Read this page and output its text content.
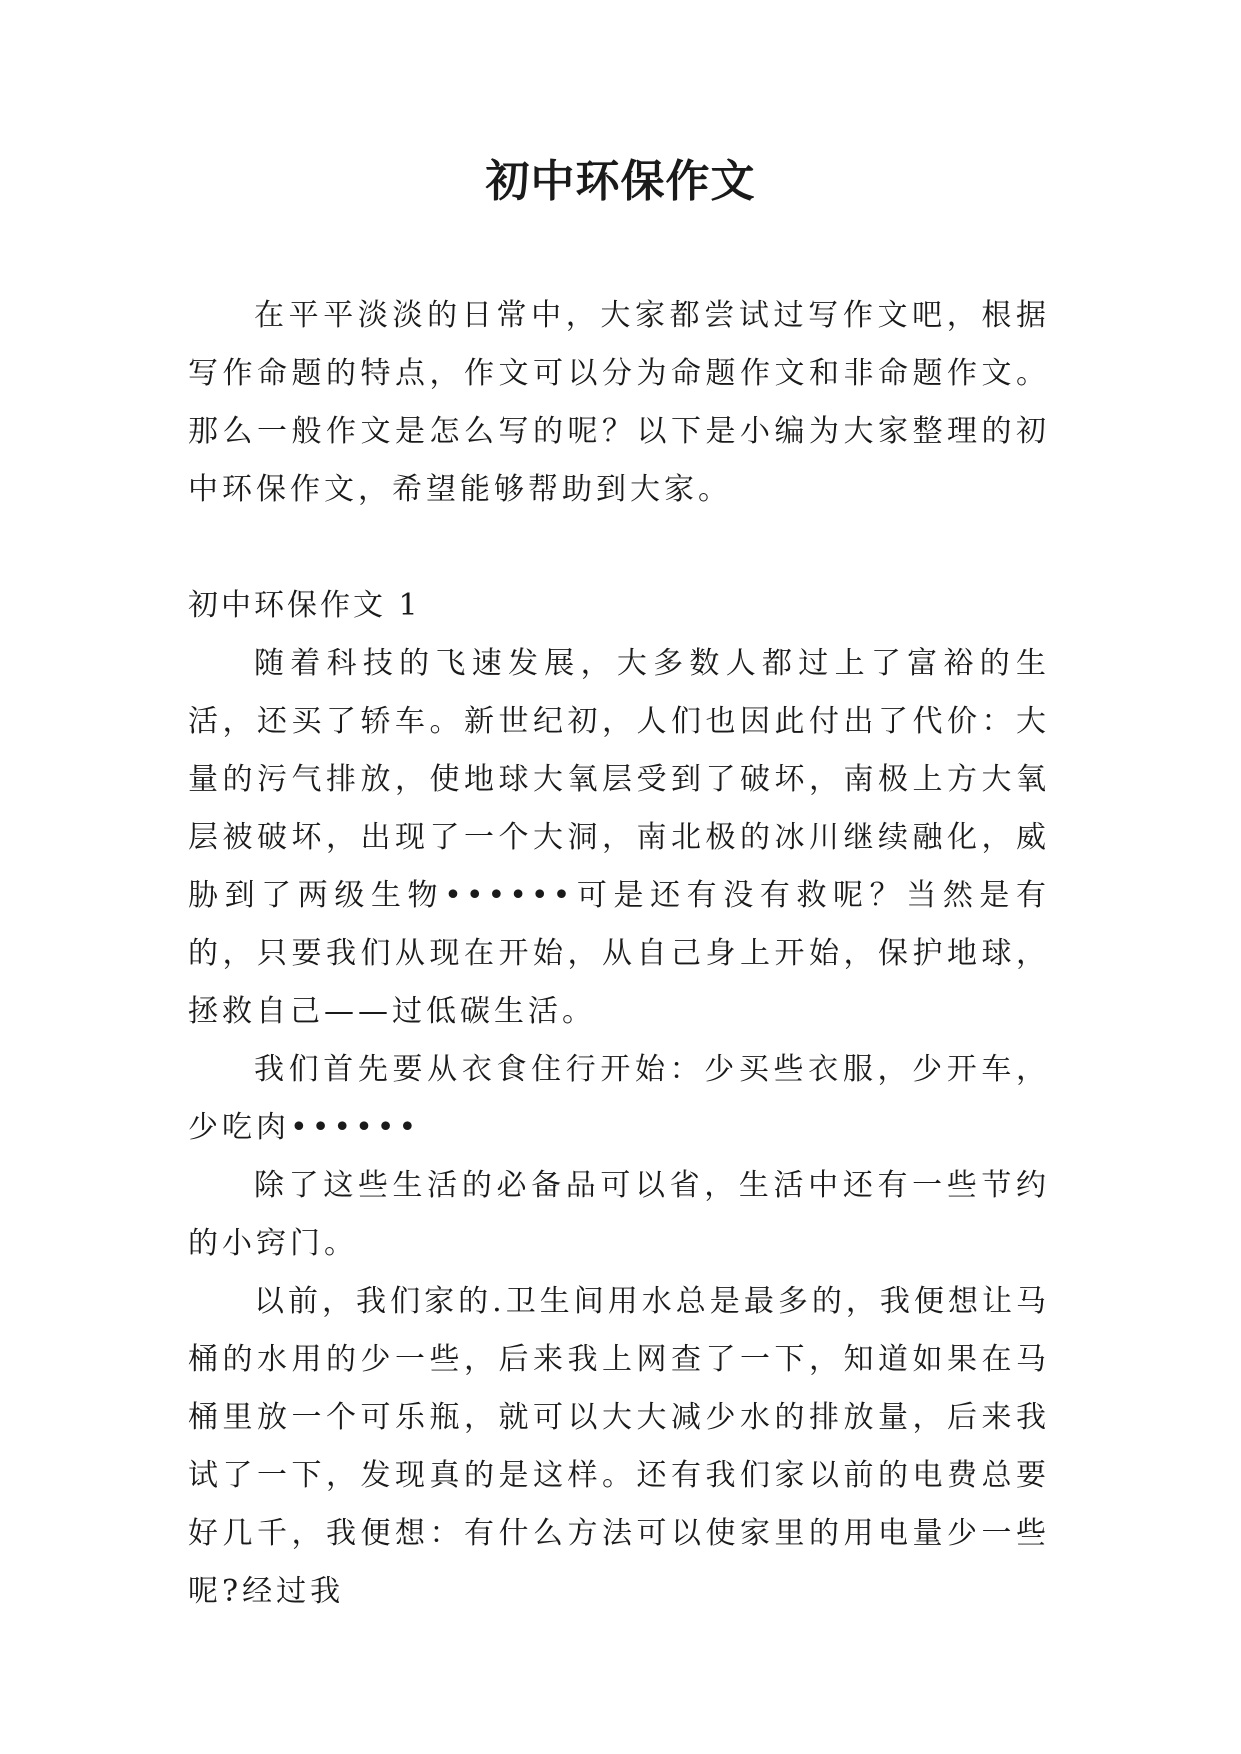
初中环保作文

在平平淡淡的日常中，大家都尝试过写作文吧，根据写作命题的特点，作文可以分为命题作文和非命题作文。那么一般作文是怎么写的呢？以下是小编为大家整理的初中环保作文，希望能够帮助到大家。

初中环保作文 1

随着科技的飞速发展，大多数人都过上了富裕的生活，还买了轿车。新世纪初，人们也因此付出了代价：大量的污气排放，使地球大氧层受到了破坏，南极上方大氧层被破坏，出现了一个大洞，南北极的冰川继续融化，威胁到了两级生物••••••可是还有没有救呢？当然是有的，只要我们从现在开始，从自己身上开始，保护地球，拯救自己——过低碳生活。

我们首先要从衣食住行开始：少买些衣服，少开车，少吃肉••••••

除了这些生活的必备品可以省，生活中还有一些节约的小窍门。

以前，我们家的.卫生间用水总是最多的，我便想让马桶的水用的少一些，后来我上网查了一下，知道如果在马桶里放一个可乐瓶，就可以大大减少水的排放量，后来我试了一下，发现真的是这样。还有我们家以前的电费总要好几千，我便想：有什么方法可以使家里的用电量少一些呢?经过我
